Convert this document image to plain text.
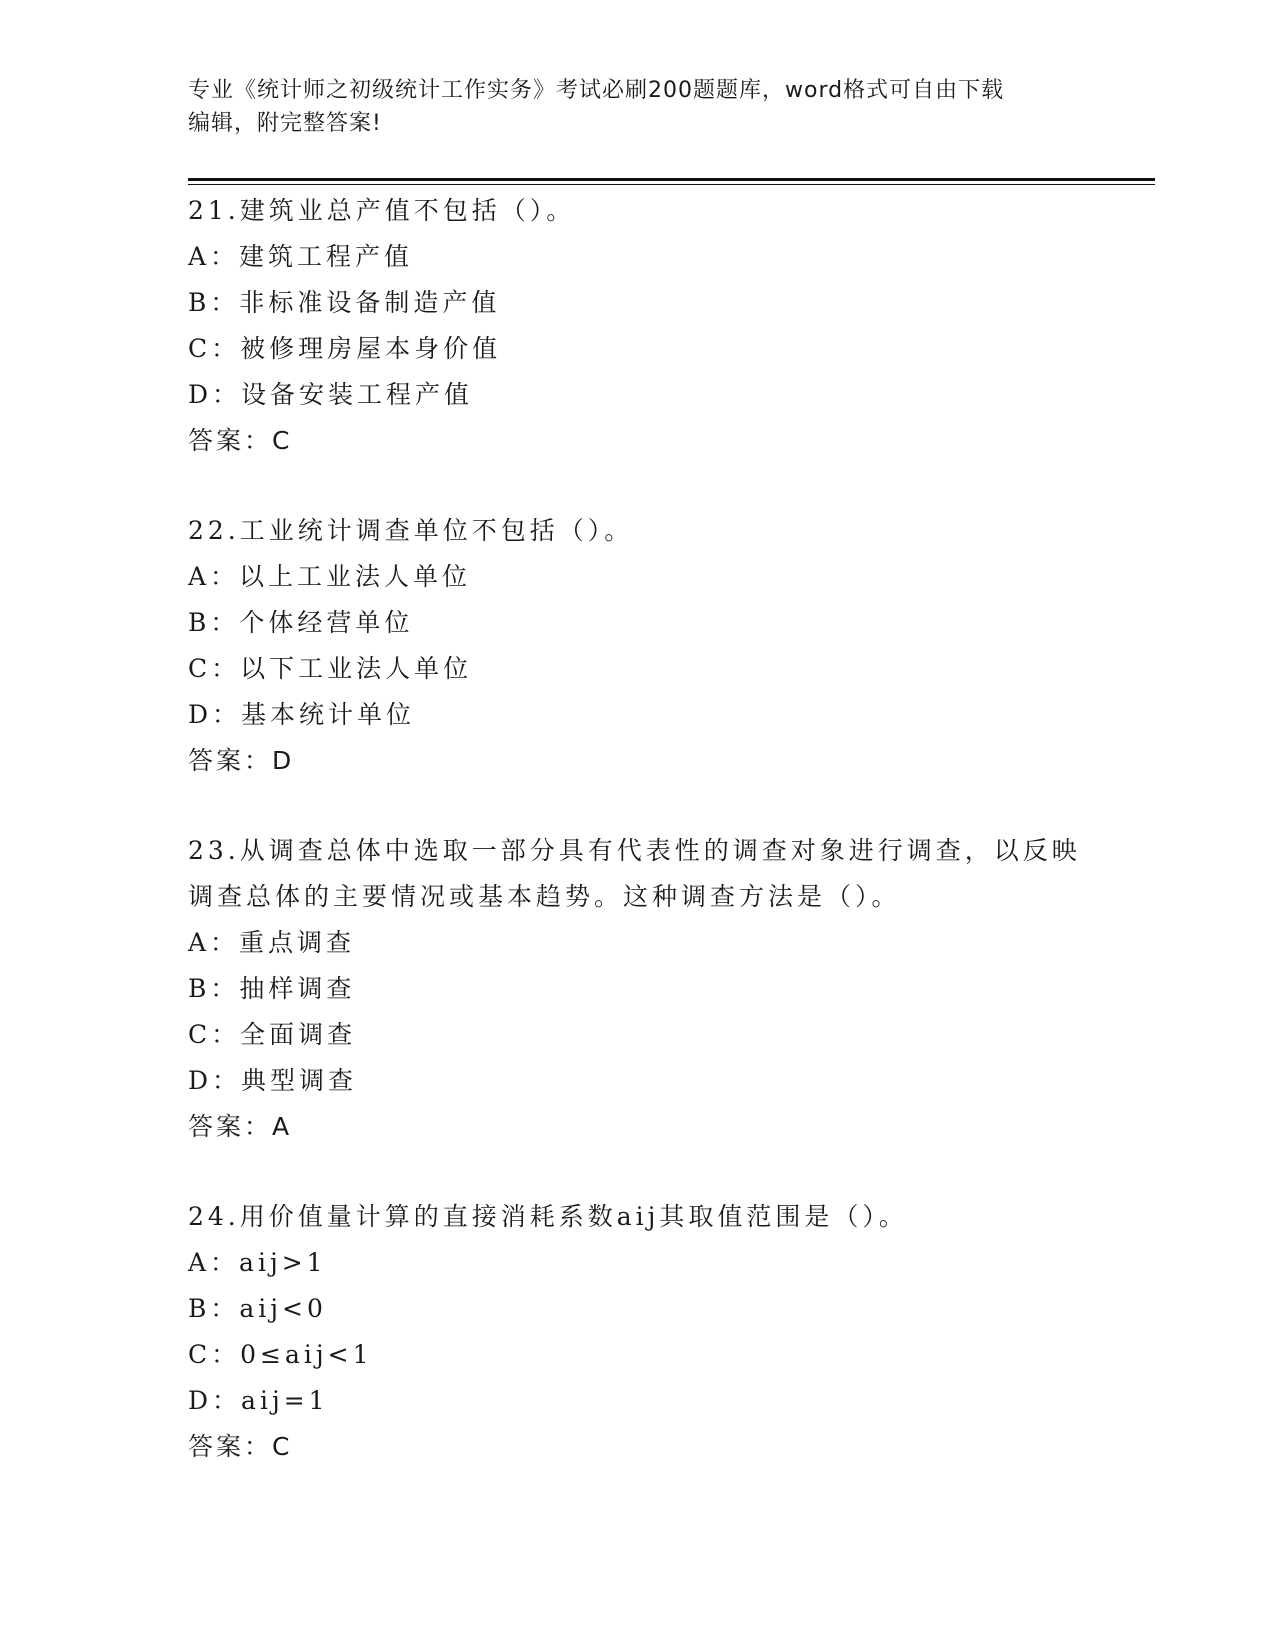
专业《统计师之初级统计工作实务》考试必刷200题题库，word格式可自由下载
编辑，附完整答案!
21.建筑业总产值不包括（）。
A：建筑工程产值
B：非标准设备制造产值
C：被修理房屋本身价值
D：设备安装工程产值
答案：C
22.工业统计调查单位不包括（）。
A：以上工业法人单位
B：个体经营单位
C：以下工业法人单位
D：基本统计单位
答案：D
23.从调查总体中选取一部分具有代表性的调查对象进行调查，以反映
调查总体的主要情况或基本趋势。这种调查方法是（）。
A：重点调查
B：抽样调查
C：全面调查
D：典型调查
答案：A
24.用价值量计算的直接消耗系数aij其取值范围是（）。
A：aij>1
B：aij<0
C：0≤aij<1
D：aij=1
答案：C
